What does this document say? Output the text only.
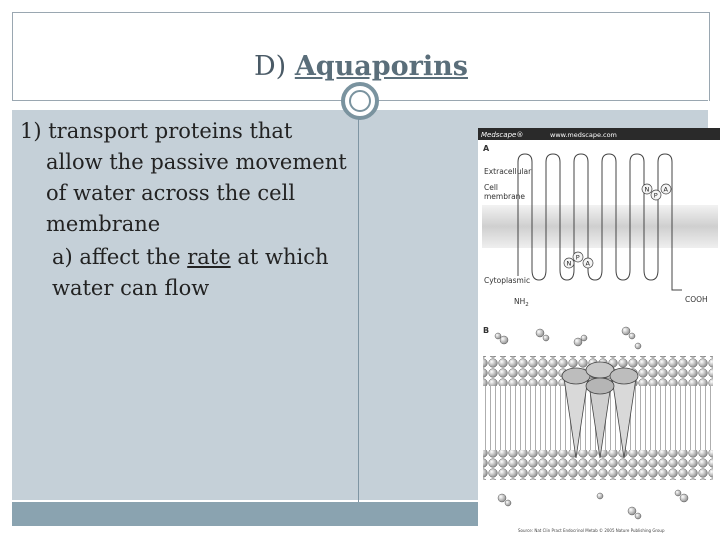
D) Aquaporins

1) transport proteins that allow the passive movement of water across the cell membrane

a) affect the rate at which water can flow

Medscape®	www.medscape.com
A
Extracellular
Cell
membrane
Cytoplasmic
$NH_2$
COOH
N
P
A
N
P
A
B
Source: Nat Clin Pract Endocrinol Metab © 2005 Nature Publishing Group
